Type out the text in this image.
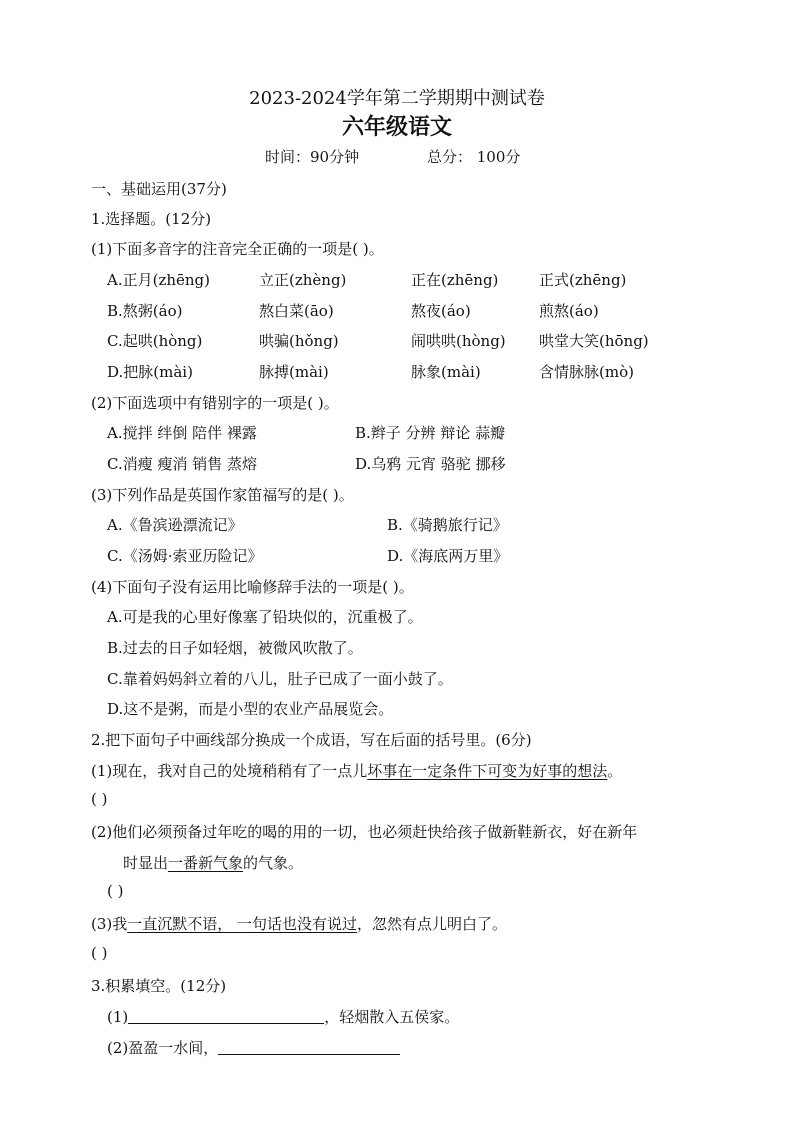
2023-2024学年第二学期期中测试卷
六年级语文
时间：90分钟	总分： 100分
一、基础运用(37分)
1.选择题。(12分)
(1)下面多音字的注音完全正确的一项是( )。
A.正月(zhēng)	立正(zhèng)	正在(zhēng)	正式(zhēng)
B.熬粥(áo)	熬白菜(āo)	熬夜(áo)	煎熬(áo)
C.起哄(hòng)	哄骗(hǒng)	闹哄哄(hòng) 哄堂大笑(hōng)
D.把脉(mài)	脉搏(mài)	脉象(mài)	含情脉脉(mò)
(2)下面选项中有错别字的一项是( )。
A.搅拌 绊倒 陪伴 裸露	B.辫子 分辨 辩论 蒜瓣
C.消瘦 瘦消 销售 蒸熔	D.乌鸦 元宵 骆驼 挪移
(3)下列作品是英国作家笛福写的是( )。
A.《鲁滨逊漂流记》	B.《骑鹅旅行记》
C.《汤姆·索亚历险记》	D.《海底两万里》
(4)下面句子没有运用比喻修辞手法的一项是( )。
A.可是我的心里好像塞了铅块似的，沉重极了。
B.过去的日子如轻烟，被微风吹散了。
C.靠着妈妈斜立着的八儿，肚子已成了一面小鼓了。
D.这不是粥，而是小型的农业产品展览会。
2.把下面句子中画线部分换成一个成语，写在后面的括号里。(6分)
(1)现在，我对自己的处境稍稍有了一点儿坏事在一定条件下可变为好事的想法。
( )
(2)他们必须预备过年吃的喝的用的一切，也必须赶快给孩子做新鞋新衣，好在新年
时显出一番新气象的气象。
( )
(3)我一直沉默不语， 一句话也没有说过，忽然有点儿明白了。
( )
3.积累填空。(12分)
(1)	，轻烟散入五侯家。
(2)盈盈一水间，
